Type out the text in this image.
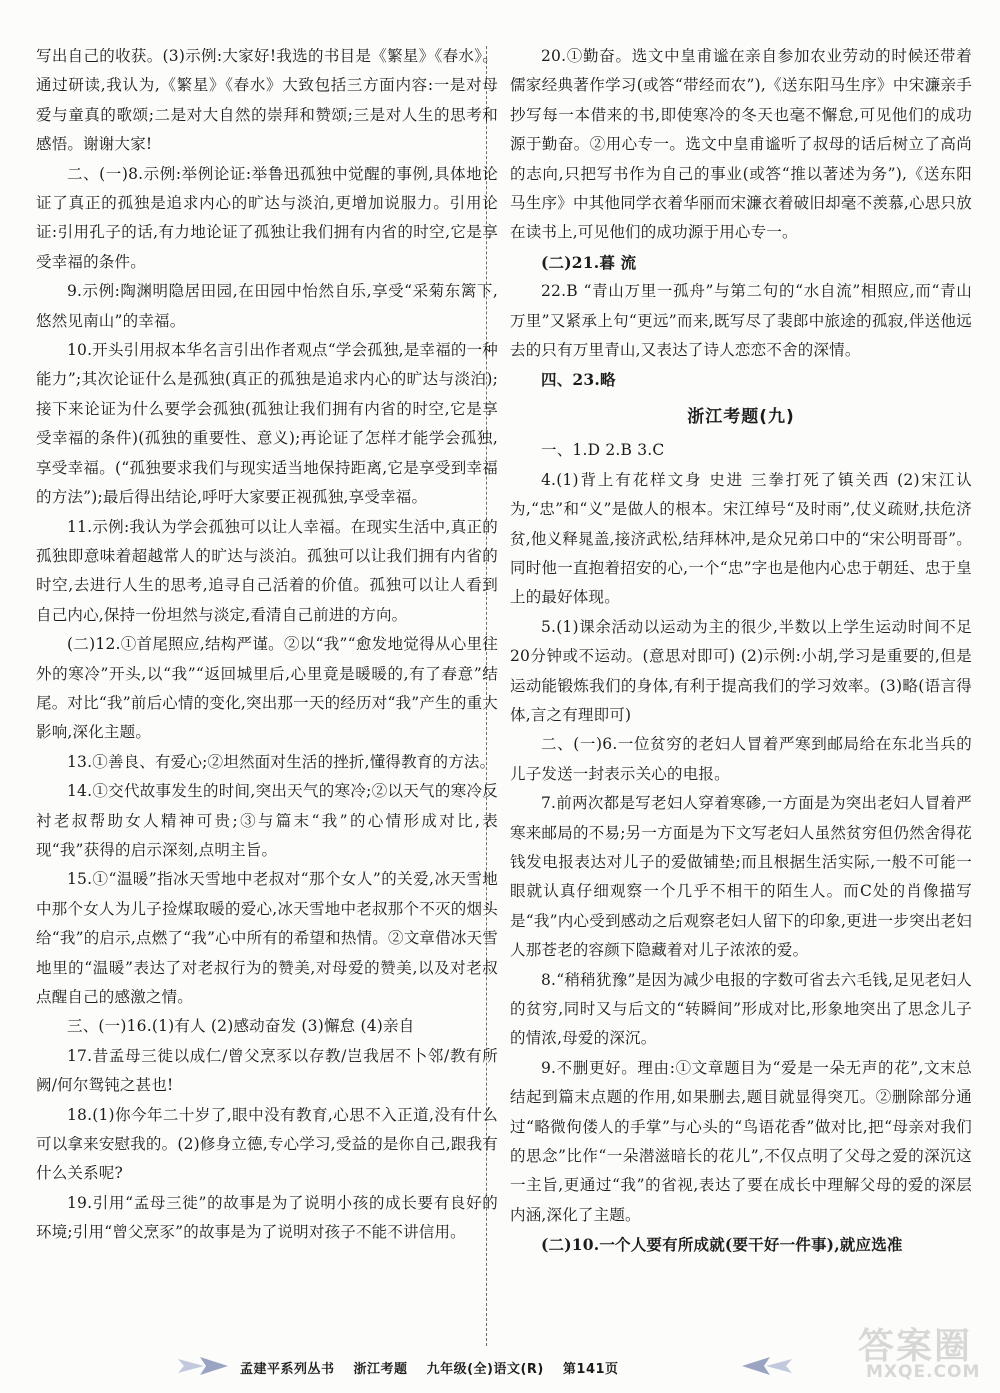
写出自己的收获。(3)示例:大家好!我选的书目是《繁星》《春水》。通过研读,我认为,《繁星》《春水》大致包括三方面内容:一是对母爱与童真的歌颂;二是对大自然的崇拜和赞颂;三是对人生的思考和感悟。谢谢大家!

二、(一)8.示例:举例论证:举鲁迅孤独中觉醒的事例,具体地论证了真正的孤独是追求内心的旷达与淡泊,更增加说服力。引用论证:引用孔子的话,有力地论证了孤独让我们拥有内省的时空,它是享受幸福的条件。

9.示例:陶渊明隐居田园,在田园中怡然自乐,享受“采菊东篱下,悠然见南山”的幸福。

10.开头引用叔本华名言引出作者观点“学会孤独,是幸福的一种能力”;其次论证什么是孤独(真正的孤独是追求内心的旷达与淡泊);接下来论证为什么要学会孤独(孤独让我们拥有内省的时空,它是享受幸福的条件)(孤独的重要性、意义);再论证了怎样才能学会孤独,享受幸福。(“孤独要求我们与现实适当地保持距离,它是享受到幸福的方法”);最后得出结论,呼吁大家要正视孤独,享受幸福。

11.示例:我认为学会孤独可以让人幸福。在现实生活中,真正的孤独即意味着超越常人的旷达与淡泊。孤独可以让我们拥有内省的时空,去进行人生的思考,追寻自己活着的价值。孤独可以让人看到自己内心,保持一份坦然与淡定,看清自己前进的方向。

(二)12.①首尾照应,结构严谨。②以“我”“愈发地觉得从心里往外的寒冷”开头,以“我”“返回城里后,心里竟是暖暖的,有了春意”结尾。对比“我”前后心情的变化,突出那一天的经历对“我”产生的重大影响,深化主题。

13.①善良、有爱心;②坦然面对生活的挫折,懂得教育的方法。

14.①交代故事发生的时间,突出天气的寒冷;②以天气的寒冷反衬老叔帮助女人精神可贵;③与篇末“我”的心情形成对比,表现“我”获得的启示深刻,点明主旨。

15.①“温暖”指冰天雪地中老叔对“那个女人”的关爱,冰天雪地中那个女人为儿子捡煤取暖的爱心,冰天雪地中老叔那个不灭的烟头给“我”的启示,点燃了“我”心中所有的希望和热情。②文章借冰天雪地里的“温暖”表达了对老叔行为的赞美,对母爱的赞美,以及对老叔点醒自己的感激之情。

三、(一)16.(1)有人 (2)感动奋发 (3)懈怠 (4)亲自

17.昔孟母三徙以成仁/曾父烹豕以存教/岂我居不卜邻/教有所阙/何尔鸳钝之甚也!

18.(1)你今年二十岁了,眼中没有教育,心思不入正道,没有什么可以拿来安慰我的。(2)修身立德,专心学习,受益的是你自己,跟我有什么关系呢?

19.引用“孟母三徙”的故事是为了说明小孩的成长要有良好的环境;引用“曾父烹豕”的故事是为了说明对孩子不能不讲信用。

20.①勤奋。选文中皇甫谧在亲自参加农业劳动的时候还带着儒家经典著作学习(或答“带经而农”),《送东阳马生序》中宋濂亲手抄写每一本借来的书,即使寒冷的冬天也毫不懈怠,可见他们的成功源于勤奋。②用心专一。选文中皇甫谧听了叔母的话后树立了高尚的志向,只把写书作为自己的事业(或答“推以著述为务”),《送东阳马生序》中其他同学衣着华丽而宋濂衣着破旧却毫不羡慕,心思只放在读书上,可见他们的成功源于用心专一。

(二)21.暮 流

22.B “青山万里一孤舟”与第二句的“水自流”相照应,而“青山万里”又紧承上句“更远”而来,既写尽了裴郎中旅途的孤寂,伴送他远去的只有万里青山,又表达了诗人恋恋不舍的深情。

四、23.略

浙江考题(九)

一、1.D 2.B 3.C

4.(1)背上有花样文身 史进 三拳打死了镇关西 (2)宋江认为,“忠”和“义”是做人的根本。宋江绰号“及时雨”,仗义疏财,扶危济贫,他义释晁盖,接济武松,结拜林冲,是众兄弟口中的“宋公明哥哥”。同时他一直抱着招安的心,一个“忠”字也是他内心忠于朝廷、忠于皇上的最好体现。

5.(1)课余活动以运动为主的很少,半数以上学生运动时间不足20分钟或不运动。(意思对即可) (2)示例:小胡,学习是重要的,但是运动能锻炼我们的身体,有利于提高我们的学习效率。(3)略(语言得体,言之有理即可)

二、(一)6.一位贫穷的老妇人冒着严寒到邮局给在东北当兵的儿子发送一封表示关心的电报。

7.前两次都是写老妇人穿着寒碜,一方面是为突出老妇人冒着严寒来邮局的不易;另一方面是为下文写老妇人虽然贫穷但仍然舍得花钱发电报表达对儿子的爱做铺垫;而且根据生活实际,一般不可能一眼就认真仔细观察一个几乎不相干的陌生人。而C处的肖像描写是“我”内心受到感动之后观察老妇人留下的印象,更进一步突出老妇人那苍老的容颜下隐藏着对儿子浓浓的爱。

8.“稍稍犹豫”是因为减少电报的字数可省去六毛钱,足见老妇人的贫穷,同时又与后文的“转瞬间”形成对比,形象地突出了思念儿子的情浓,母爱的深沉。

9.不删更好。理由:①文章题目为“爱是一朵无声的花”,文末总结起到篇末点题的作用,如果删去,题目就显得突兀。②删除部分通过“略微佝偻人的手掌”与心头的“鸟语花香”做对比,把“母亲对我们的思念”比作“一朵潜滋暗长的花儿”,不仅点明了父母之爱的深沉这一主旨,更通过“我”的省视,表达了要在成长中理解父母的爱的深层内涵,深化了主题。

(二)10.一个人要有所成就(要干好一件事),就应选准

孟建平系列丛书 浙江考题 九年级(全)语文(R) 第141页
答案圈
MXQE.COM
